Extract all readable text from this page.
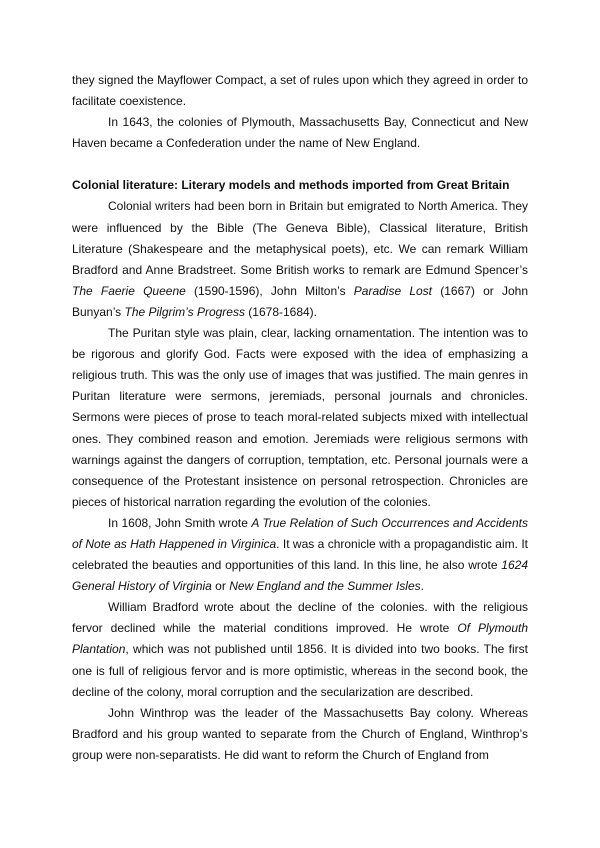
they signed the Mayflower Compact, a set of rules upon which they agreed in order to facilitate coexistence.

In 1643, the colonies of Plymouth, Massachusetts Bay, Connecticut and New Haven became a Confederation under the name of New England.

Colonial literature: Literary models and methods imported from Great Britain

Colonial writers had been born in Britain but emigrated to North America. They were influenced by the Bible (The Geneva Bible), Classical literature, British Literature (Shakespeare and the metaphysical poets), etc. We can remark William Bradford and Anne Bradstreet. Some British works to remark are Edmund Spencer’s The Faerie Queene (1590-1596), John Milton’s Paradise Lost (1667) or John Bunyan’s The Pilgrim’s Progress (1678-1684).

The Puritan style was plain, clear, lacking ornamentation. The intention was to be rigorous and glorify God. Facts were exposed with the idea of emphasizing a religious truth. This was the only use of images that was justified. The main genres in Puritan literature were sermons, jeremiads, personal journals and chronicles. Sermons were pieces of prose to teach moral-related subjects mixed with intellectual ones. They combined reason and emotion. Jeremiads were religious sermons with warnings against the dangers of corruption, temptation, etc. Personal journals were a consequence of the Protestant insistence on personal retrospection. Chronicles are pieces of historical narration regarding the evolution of the colonies.

In 1608, John Smith wrote A True Relation of Such Occurrences and Accidents of Note as Hath Happened in Virginica. It was a chronicle with a propagandistic aim. It celebrated the beauties and opportunities of this land. In this line, he also wrote 1624 General History of Virginia or New England and the Summer Isles.

William Bradford wrote about the decline of the colonies. with the religious fervor declined while the material conditions improved. He wrote Of Plymouth Plantation, which was not published until 1856. It is divided into two books. The first one is full of religious fervor and is more optimistic, whereas in the second book, the decline of the colony, moral corruption and the secularization are described.

John Winthrop was the leader of the Massachusetts Bay colony. Whereas Bradford and his group wanted to separate from the Church of England, Winthrop’s group were non-separatists. He did want to reform the Church of England from
